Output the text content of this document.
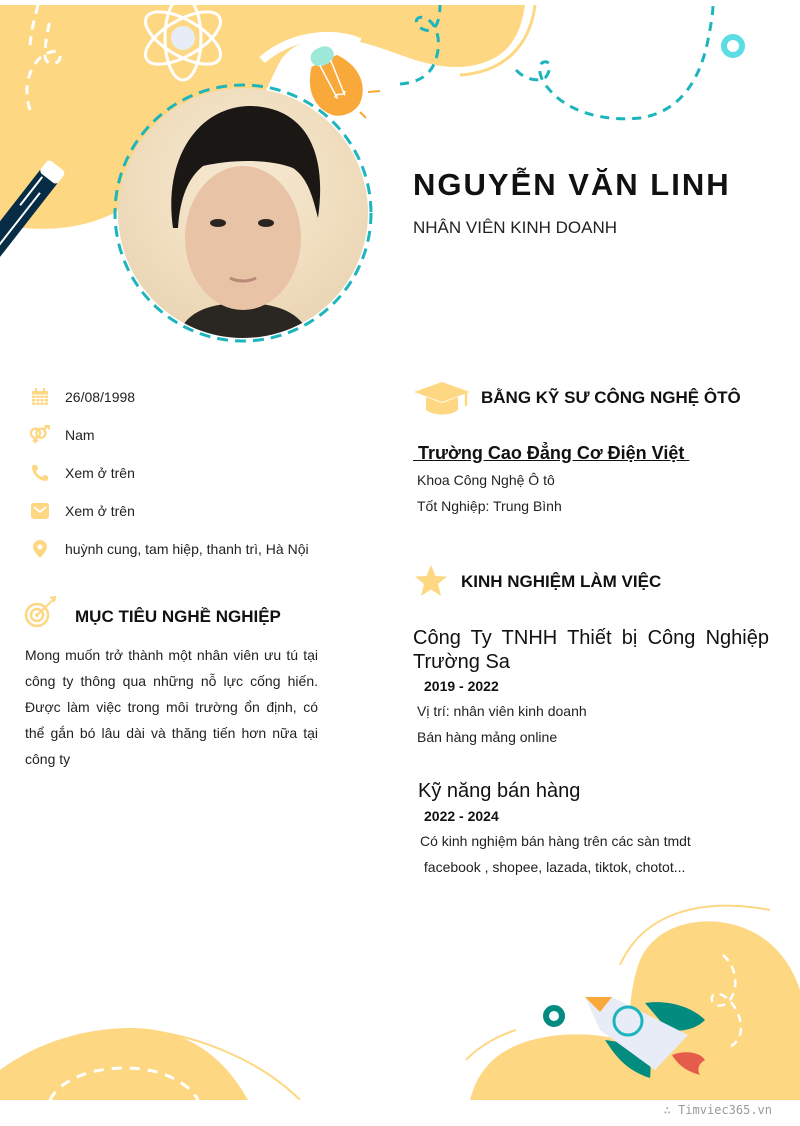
NGUYỄN VĂN LINH
NHÂN VIÊN KINH DOANH
26/08/1998
Nam
Xem ở trên
Xem ở trên
huỳnh cung, tam hiệp, thanh trì, Hà Nội
MỤC TIÊU NGHỀ NGHIỆP
Mong muốn trở thành một nhân viên ưu tú tại công ty thông qua những nỗ lực cống hiến. Được làm việc trong môi trường ổn định, có thể gắn bó lâu dài và thăng tiến hơn nữa tại công ty
BẰNG KỸ SƯ CÔNG NGHỆ ÔTÔ
Trường Cao Đẳng Cơ Điện Việt
Khoa Công Nghệ Ô tô
Tốt Nghiệp: Trung Bình
KINH NGHIỆM LÀM VIỆC
Công Ty TNHH Thiết bị Công Nghiệp Trường Sa
2019 - 2022
Vị trí: nhân viên kinh doanh
Bán hàng mảng online
Kỹ năng bán hàng
2022 - 2024
Có kinh nghiệm bán hàng trên các sàn tmdt
facebook , shopee, lazada, tiktok, chotot...
∴ Timviec365.vn
